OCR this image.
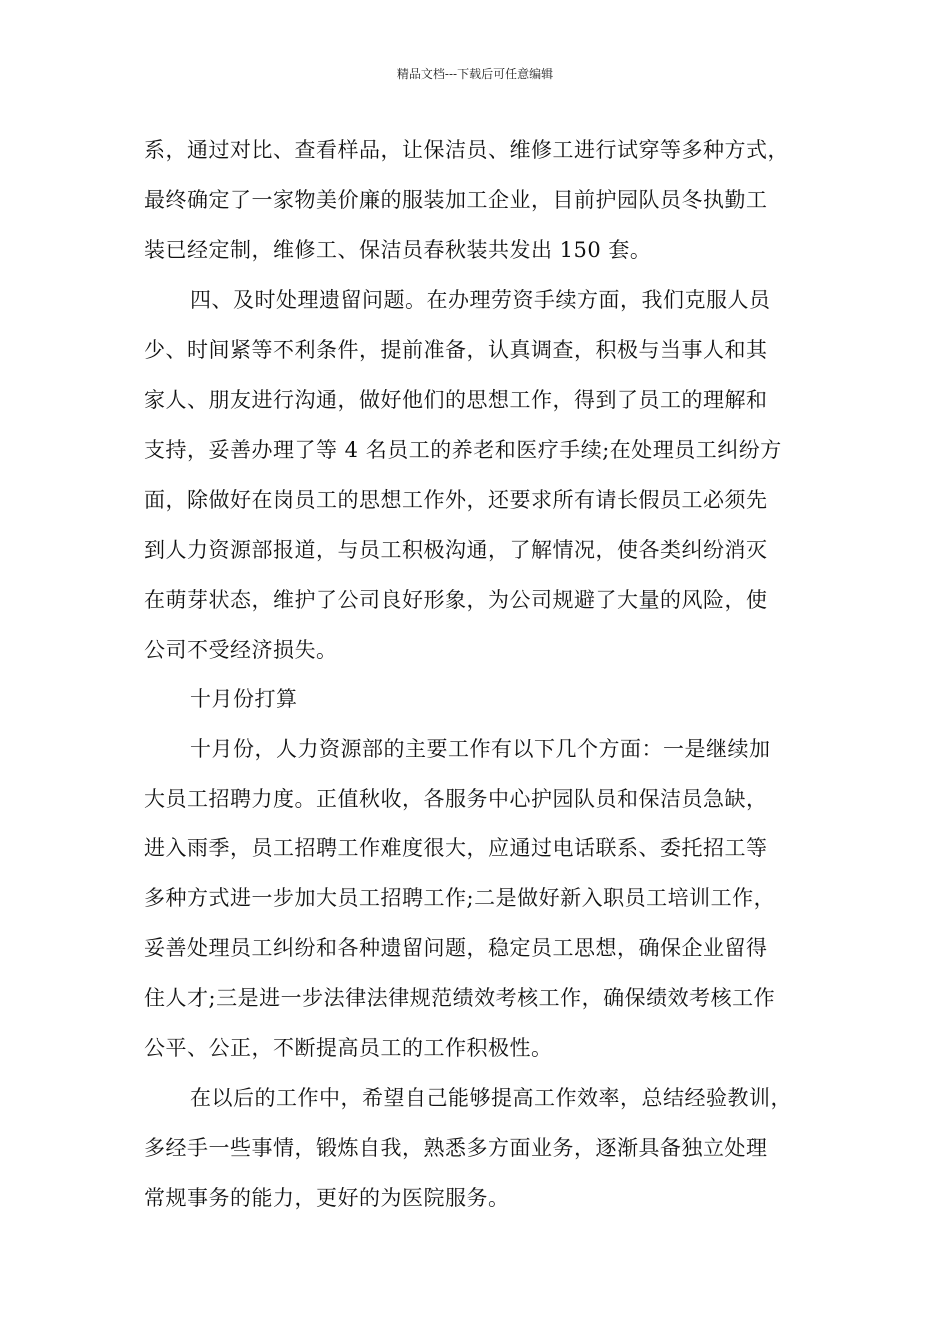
精品文档---下载后可任意编辑
系，通过对比、查看样品，让保洁员、维修工进行试穿等多种方式，
最终确定了一家物美价廉的服装加工企业，目前护园队员冬执勤工
装已经定制，维修工、保洁员春秋装共发出 150 套。
四、及时处理遗留问题。在办理劳资手续方面，我们克服人员
少、时间紧等不利条件，提前准备，认真调查，积极与当事人和其
家人、朋友进行沟通，做好他们的思想工作，得到了员工的理解和
支持，妥善办理了等 4 名员工的养老和医疗手续;在处理员工纠纷方
面，除做好在岗员工的思想工作外，还要求所有请长假员工必须先
到人力资源部报道，与员工积极沟通，了解情况，使各类纠纷消灭
在萌芽状态，维护了公司良好形象，为公司规避了大量的风险，使
公司不受经济损失。
十月份打算
十月份，人力资源部的主要工作有以下几个方面：一是继续加
大员工招聘力度。正值秋收，各服务中心护园队员和保洁员急缺，
进入雨季，员工招聘工作难度很大，应通过电话联系、委托招工等
多种方式进一步加大员工招聘工作;二是做好新入职员工培训工作，
妥善处理员工纠纷和各种遗留问题，稳定员工思想，确保企业留得
住人才;三是进一步法律法律规范绩效考核工作，确保绩效考核工作
公平、公正，不断提高员工的工作积极性。
在以后的工作中，希望自己能够提高工作效率，总结经验教训，
多经手一些事情，锻炼自我，熟悉多方面业务，逐渐具备独立处理
常规事务的能力，更好的为医院服务。
